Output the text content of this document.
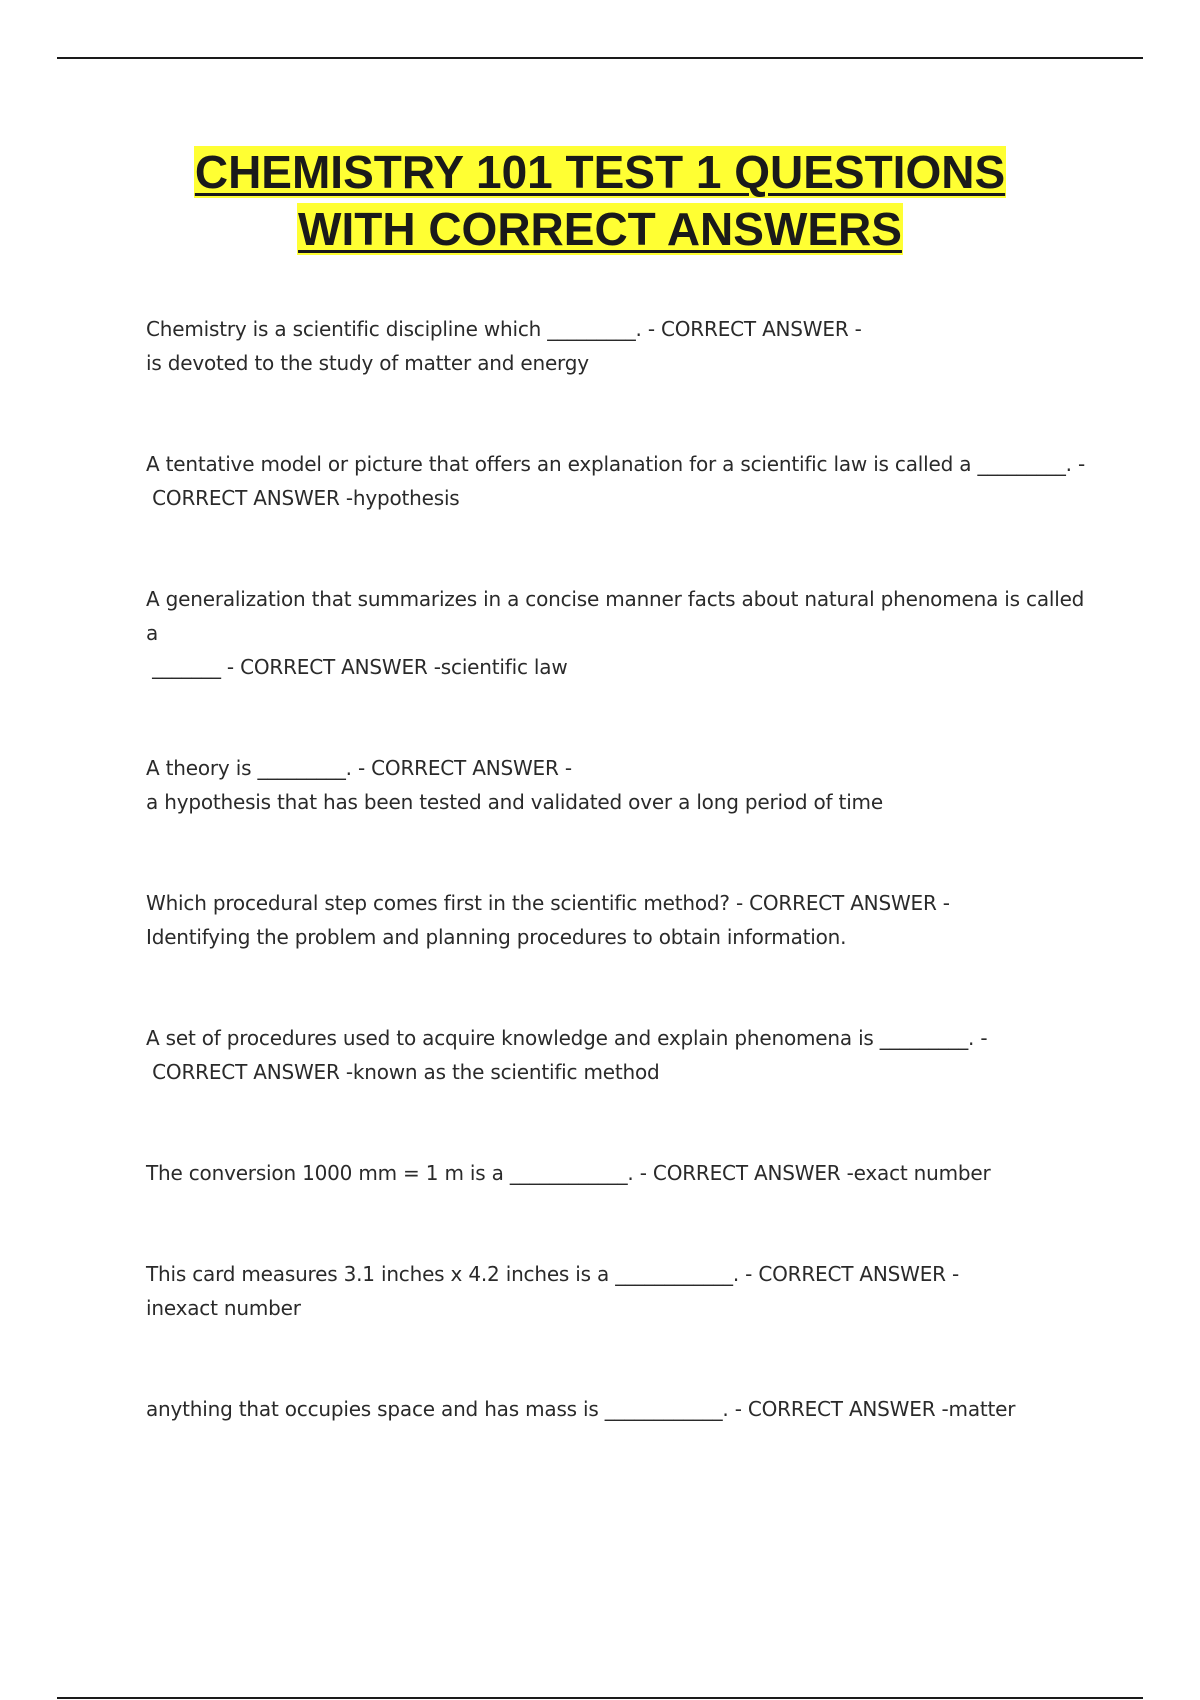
CHEMISTRY 101 TEST 1 QUESTIONS
WITH CORRECT ANSWERS
Chemistry is a scientific discipline which _________. - CORRECT ANSWER -
is devoted to the study of matter and energy
A tentative model or picture that offers an explanation for a scientific law is called a _________. -
CORRECT ANSWER -hypothesis
A generalization that summarizes in a concise manner facts about natural phenomena is called a
_______ - CORRECT ANSWER -scientific law
A theory is _________. - CORRECT ANSWER -
a hypothesis that has been tested and validated over a long period of time
Which procedural step comes first in the scientific method? - CORRECT ANSWER -
Identifying the problem and planning procedures to obtain information.
A set of procedures used to acquire knowledge and explain phenomena is _________. -
CORRECT ANSWER -known as the scientific method
The conversion 1000 mm = 1 m is a ____________. - CORRECT ANSWER -exact number
This card measures 3.1 inches x 4.2 inches is a ____________. - CORRECT ANSWER -
inexact number
anything that occupies space and has mass is ____________. - CORRECT ANSWER -matter
